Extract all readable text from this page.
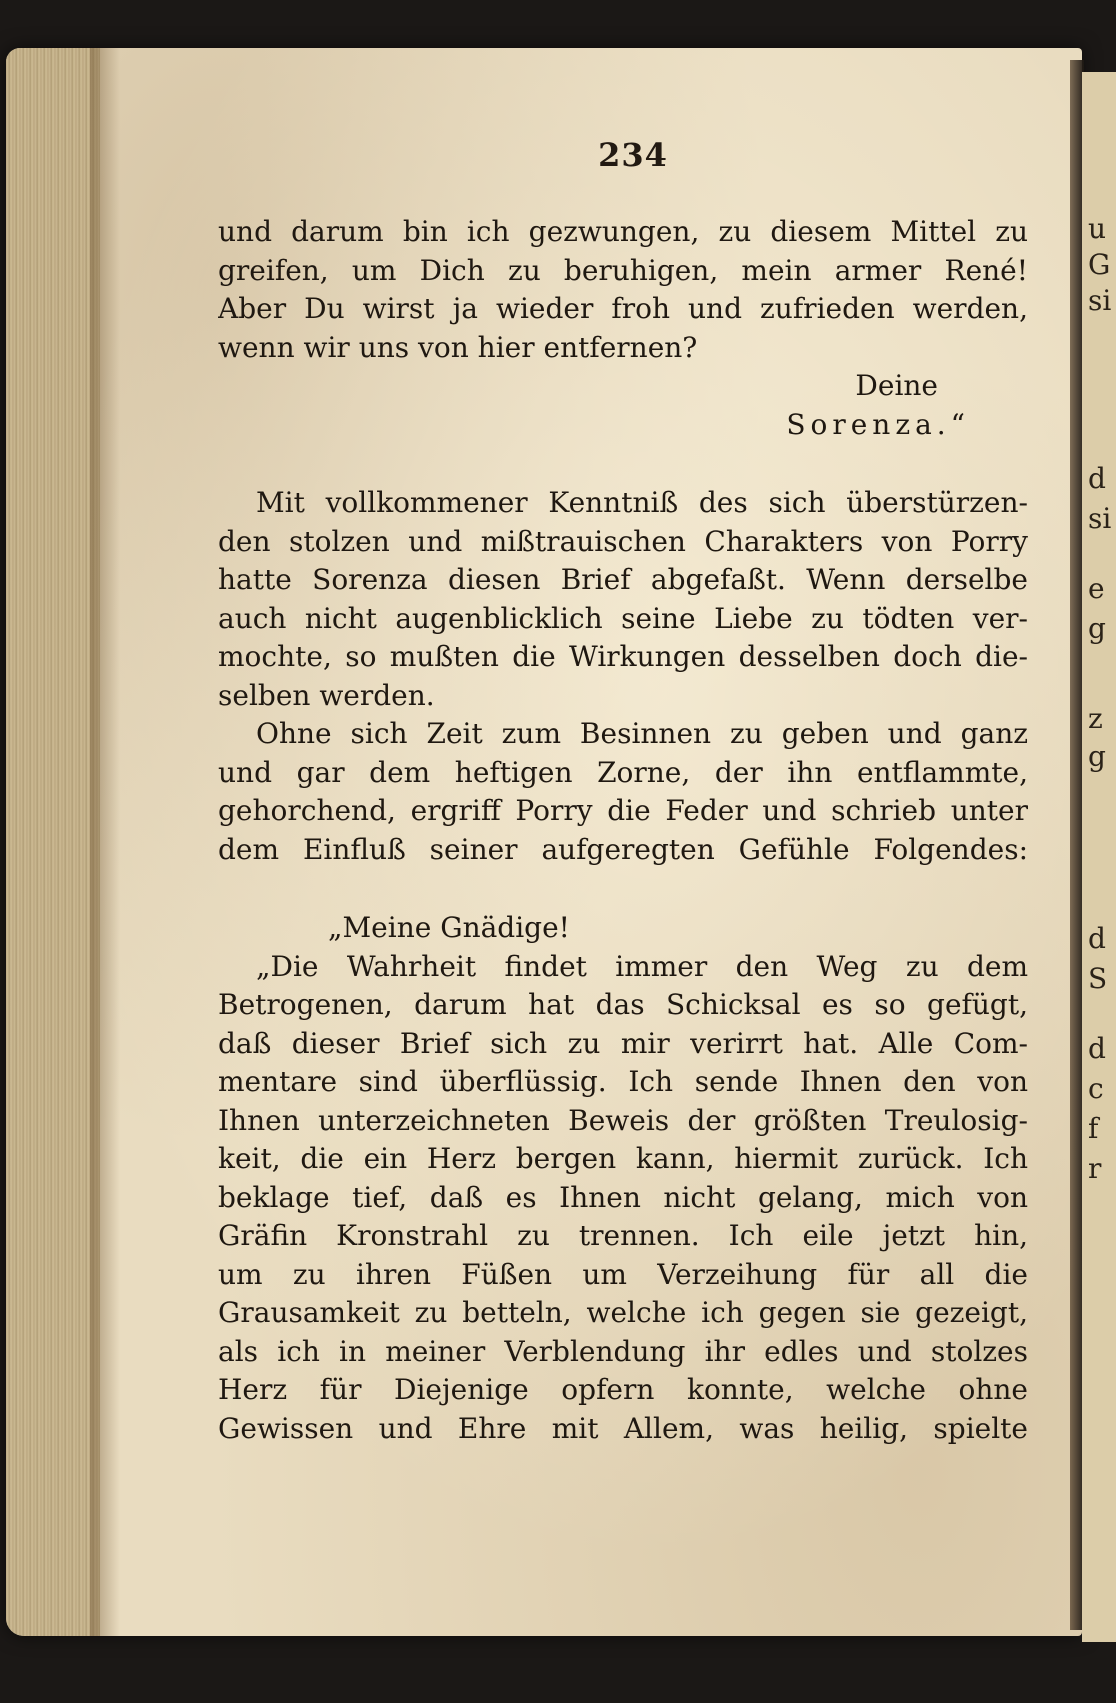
u
G
si
d
si
e
g
z
g
d
S
d
c
f
r
234
und darum bin ich gezwungen, zu diesem Mittel zu
greifen, um Dich zu beruhigen, mein armer René!
Aber Du wirst ja wieder froh und zufrieden werden,
wenn wir uns von hier entfernen?
Deine
Sorenza.“
Mit vollkommener Kenntniß des sich überstürzen-
den stolzen und mißtrauischen Charakters von Porry
hatte Sorenza diesen Brief abgefaßt. Wenn derselbe
auch nicht augenblicklich seine Liebe zu tödten ver-
mochte, so mußten die Wirkungen desselben doch die-
selben werden.
Ohne sich Zeit zum Besinnen zu geben und ganz
und gar dem heftigen Zorne, der ihn entflammte,
gehorchend, ergriff Porry die Feder und schrieb unter
dem Einfluß seiner aufgeregten Gefühle Folgendes:
„Meine Gnädige!
„Die Wahrheit findet immer den Weg zu dem
Betrogenen, darum hat das Schicksal es so gefügt,
daß dieser Brief sich zu mir verirrt hat. Alle Com-
mentare sind überflüssig. Ich sende Ihnen den von
Ihnen unterzeichneten Beweis der größten Treulosig-
keit, die ein Herz bergen kann, hiermit zurück. Ich
beklage tief, daß es Ihnen nicht gelang, mich von
Gräfin Kronstrahl zu trennen. Ich eile jetzt hin,
um zu ihren Füßen um Verzeihung für all die
Grausamkeit zu betteln, welche ich gegen sie gezeigt,
als ich in meiner Verblendung ihr edles und stolzes
Herz für Diejenige opfern konnte, welche ohne
Gewissen und Ehre mit Allem, was heilig, spielte
